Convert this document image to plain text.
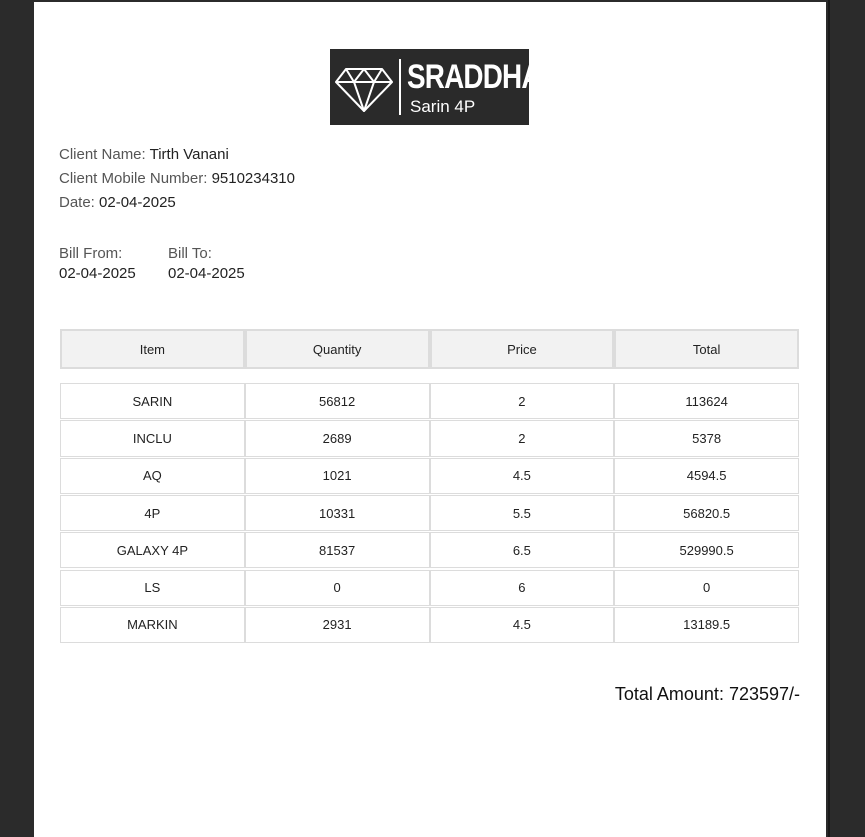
SRADDHA
Sarin 4P
Client Name: Tirth Vanani
Client Mobile Number: 9510234310
Date: 02-04-2025
Bill From:
02-04-2025
Bill To:
02-04-2025
Item	Quantity	Price	Total
SARIN	56812	2	113624
INCLU	2689	2	5378
AQ	1021	4.5	4594.5
4P	10331	5.5	56820.5
GALAXY 4P	81537	6.5	529990.5
LS	0	6	0
MARKIN	2931	4.5	13189.5
Total Amount: 723597/-
